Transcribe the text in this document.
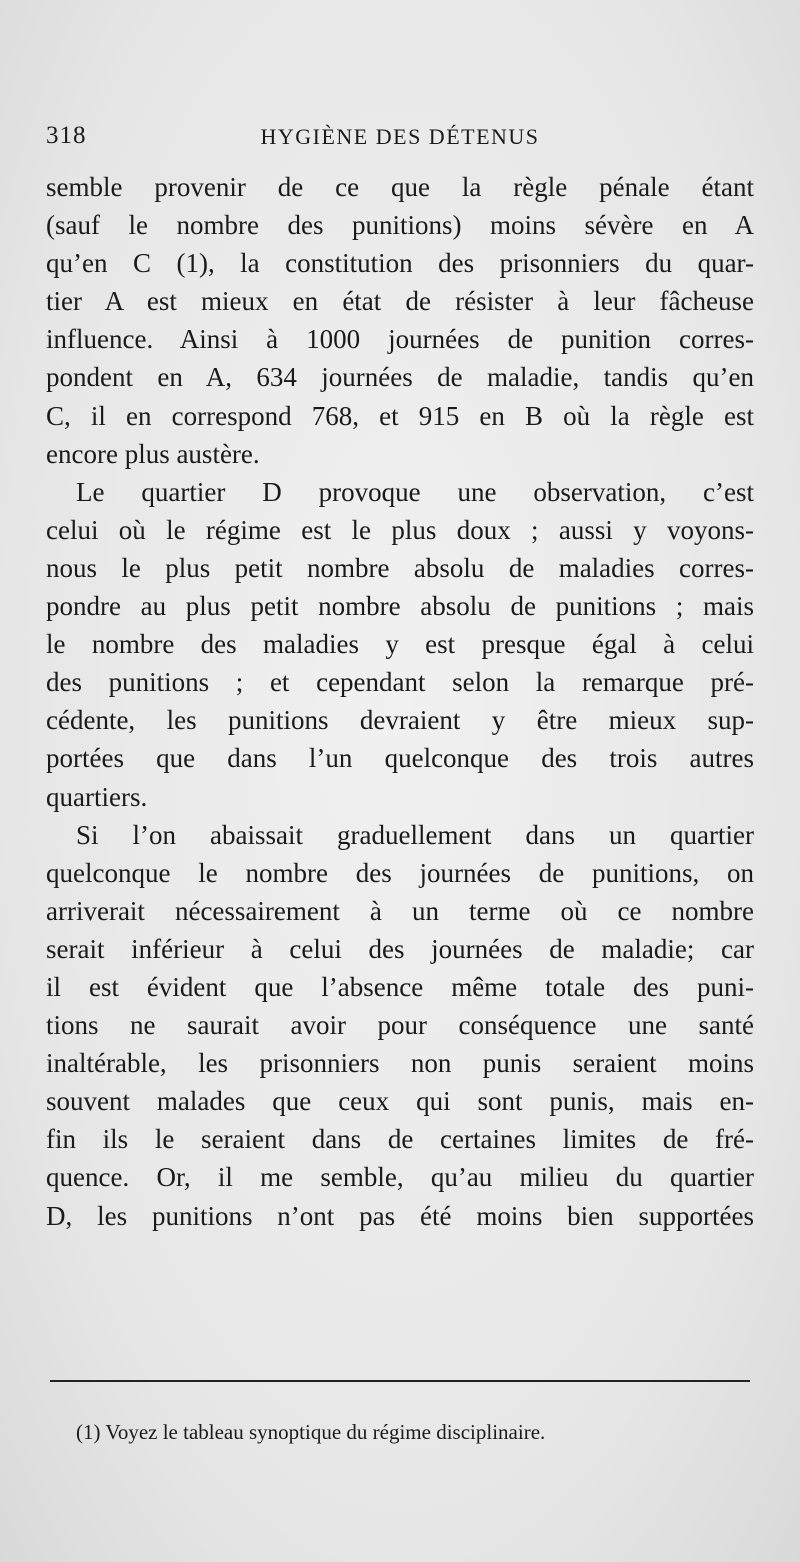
318	HYGIÈNE DES DÉTENUS
semble provenir de ce que la règle pénale étant
(sauf le nombre des punitions) moins sévère en A
qu’en C (1), la constitution des prisonniers du quar-
tier A est mieux en état de résister à leur fâcheuse
influence. Ainsi à 1000 journées de punition corres-
pondent en A, 634 journées de maladie, tandis qu’en
C, il en correspond 768, et 915 en B où la règle est
encore plus austère.
Le quartier D provoque une observation, c’est
celui où le régime est le plus doux ; aussi y voyons-
nous le plus petit nombre absolu de maladies corres-
pondre au plus petit nombre absolu de punitions ; mais
le nombre des maladies y est presque égal à celui
des punitions ; et cependant selon la remarque pré-
cédente, les punitions devraient y être mieux sup-
portées que dans l’un quelconque des trois autres
quartiers.
Si l’on abaissait graduellement dans un quartier
quelconque le nombre des journées de punitions, on
arriverait nécessairement à un terme où ce nombre
serait inférieur à celui des journées de maladie; car
il est évident que l’absence même totale des puni-
tions ne saurait avoir pour conséquence une santé
inaltérable, les prisonniers non punis seraient moins
souvent malades que ceux qui sont punis, mais en-
fin ils le seraient dans de certaines limites de fré-
quence. Or, il me semble, qu’au milieu du quartier
D, les punitions n’ont pas été moins bien supportées
(1) Voyez le tableau synoptique du régime disciplinaire.
